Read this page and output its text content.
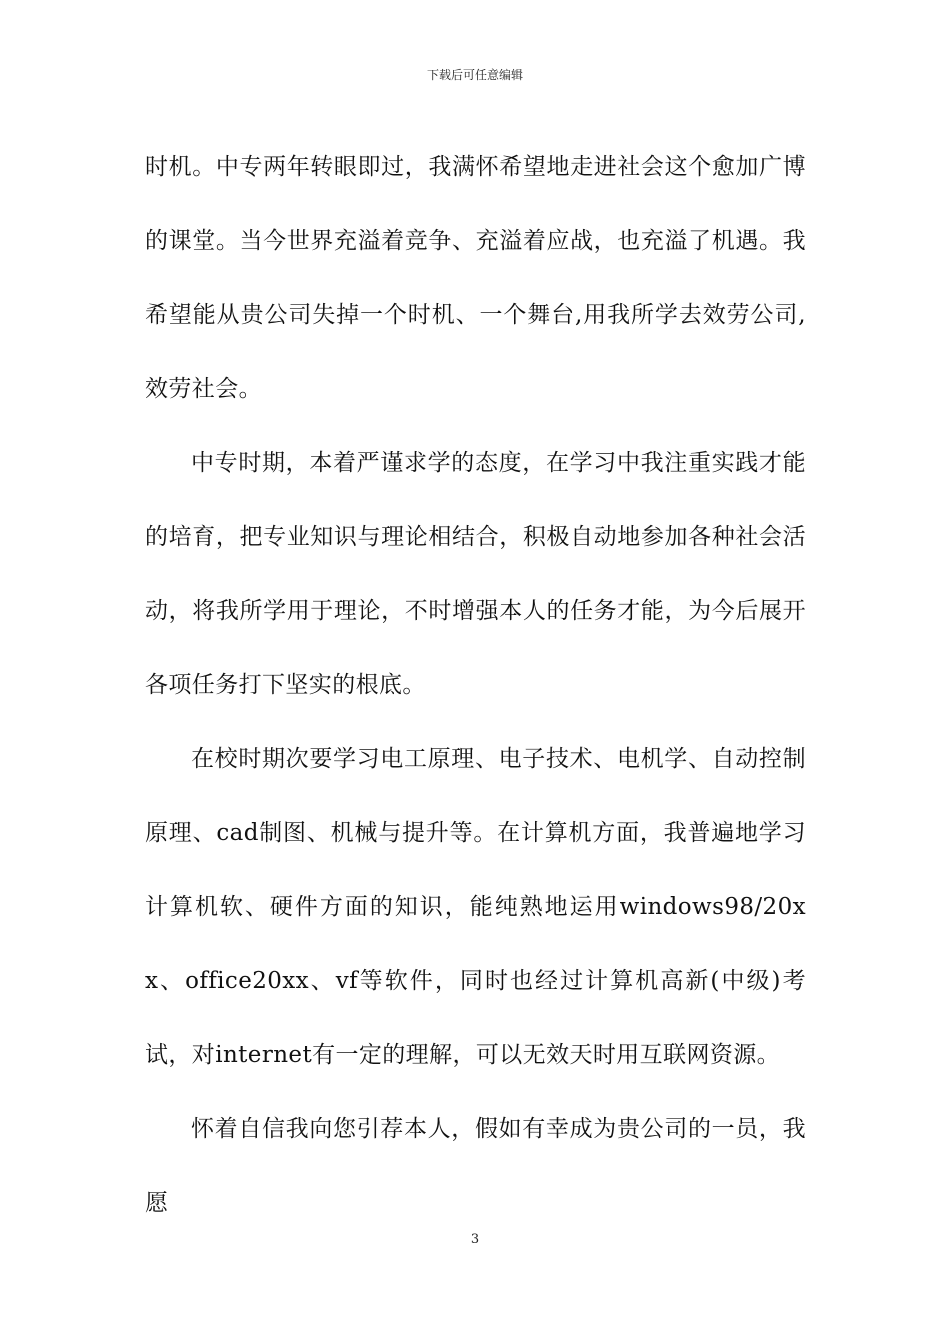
下载后可任意编辑

时机。中专两年转眼即过，我满怀希望地走进社会这个愈加广博的课堂。当今世界充溢着竞争、充溢着应战，也充溢了机遇。我希望能从贵公司失掉一个时机、一个舞台,用我所学去效劳公司,效劳社会。

中专时期，本着严谨求学的态度，在学习中我注重实践才能的培育，把专业知识与理论相结合，积极自动地参加各种社会活动，将我所学用于理论，不时增强本人的任务才能，为今后展开各项任务打下坚实的根底。

在校时期次要学习电工原理、电子技术、电机学、自动控制原理、cad制图、机械与提升等。在计算机方面，我普遍地学习计算机软、硬件方面的知识，能纯熟地运用windows98/20xx、office20xx、vf等软件，同时也经过计算机高新(中级)考试，对internet有一定的理解，可以无效天时用互联网资源。

怀着自信我向您引荐本人，假如有幸成为贵公司的一员，我愿

3
